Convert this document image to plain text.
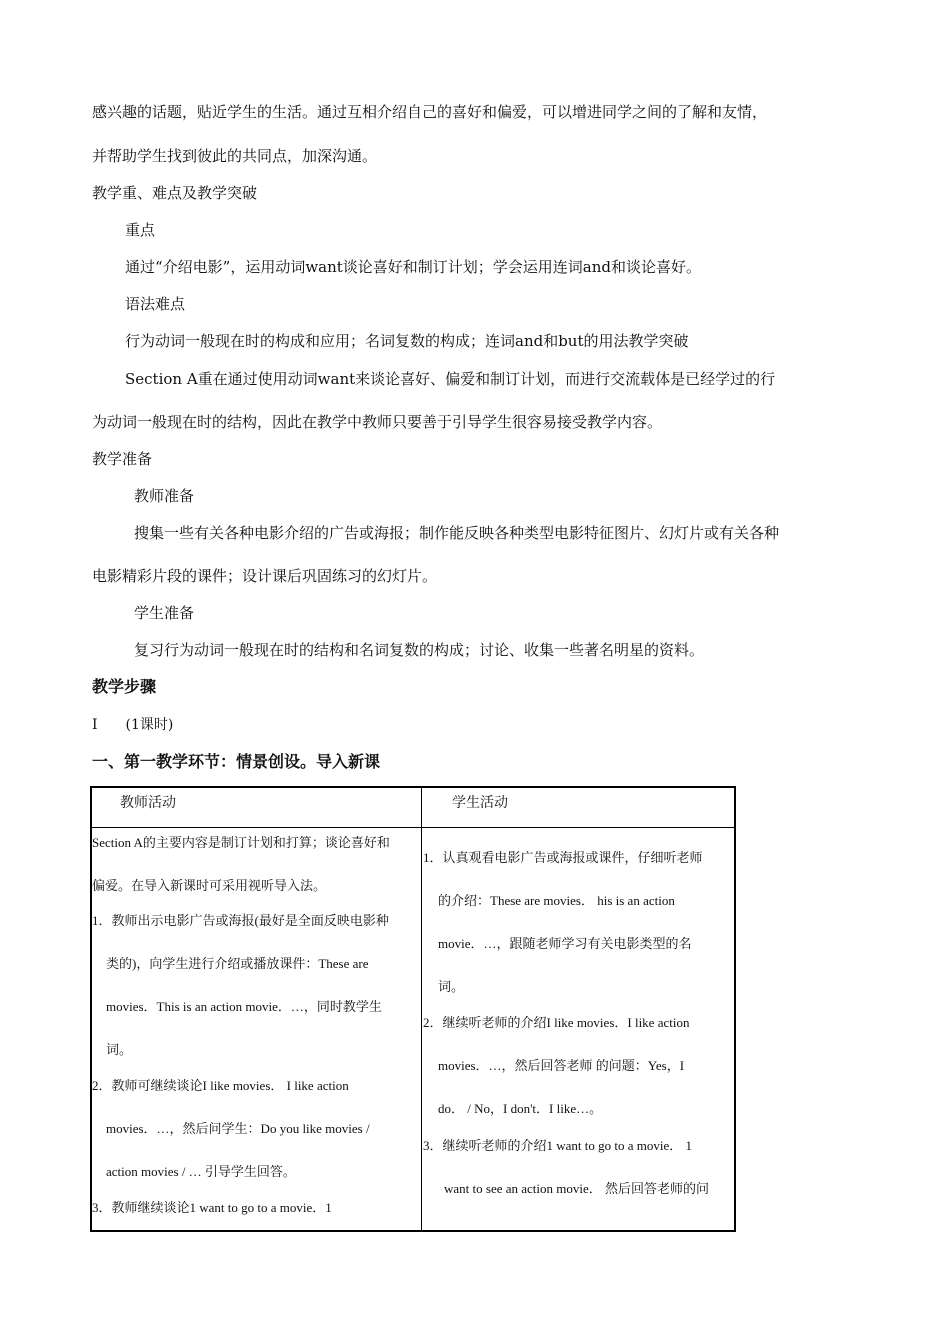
感兴趣的话题，贴近学生的生活。通过互相介绍自己的喜好和偏爱，可以增进同学之间的了解和友情，
并帮助学生找到彼此的共同点，加深沟通。
教学重、难点及教学突破
重点
通过“介绍电影”，运用动词want谈论喜好和制订计划；学会运用连词and和谈论喜好。
语法难点
行为动词一般现在时的构成和应用；名词复数的构成；连词and和but的用法教学突破
Section A重在通过使用动词want来谈论喜好、偏爱和制订计划，而进行交流载体是已经学过的行
为动词一般现在时的结构，因此在教学中教师只要善于引导学生很容易接受教学内容。
教学准备
教师准备
搜集一些有关各种电影介绍的广告或海报；制作能反映各种类型电影特征图片、幻灯片或有关各种
电影精彩片段的课件；设计课后巩固练习的幻灯片。
学生准备
复习行为动词一般现在时的结构和名词复数的构成；讨论、收集一些著名明星的资料。
教学步骤
Ⅰ　　(1课时)
一、第一教学环节：情景创设。导入新课
教师活动	学生活动
Section A的主要内容是制订计划和打算；谈论喜好和
偏爱。在导入新课时可采用视听导入法。
1．教师出示电影广告或海报(最好是全面反映电影种
类的)，向学生进行介绍或播放课件：These are
movies．This is an action movie．…，同时教学生
词。
2．教师可继续谈论I like movies． I like action
movies．…，然后问学生：Do you like movies /
action movies / … 引导学生回答。
3．教师继续谈论1 want to go to a movie．1
1．认真观看电影广告或海报或课件，仔细听老师
的介绍：These are movies． his is an action
movie．…，跟随老师学习有关电影类型的名
词。
2．继续听老师的介绍I like movies．I like action
movies．…，然后回答老师 的问题：Yes，I
do． / No，I don't．I like…。
3．继续听老师的介绍1 want to go to a movie． 1
want to see an action movie． 然后回答老师的问
